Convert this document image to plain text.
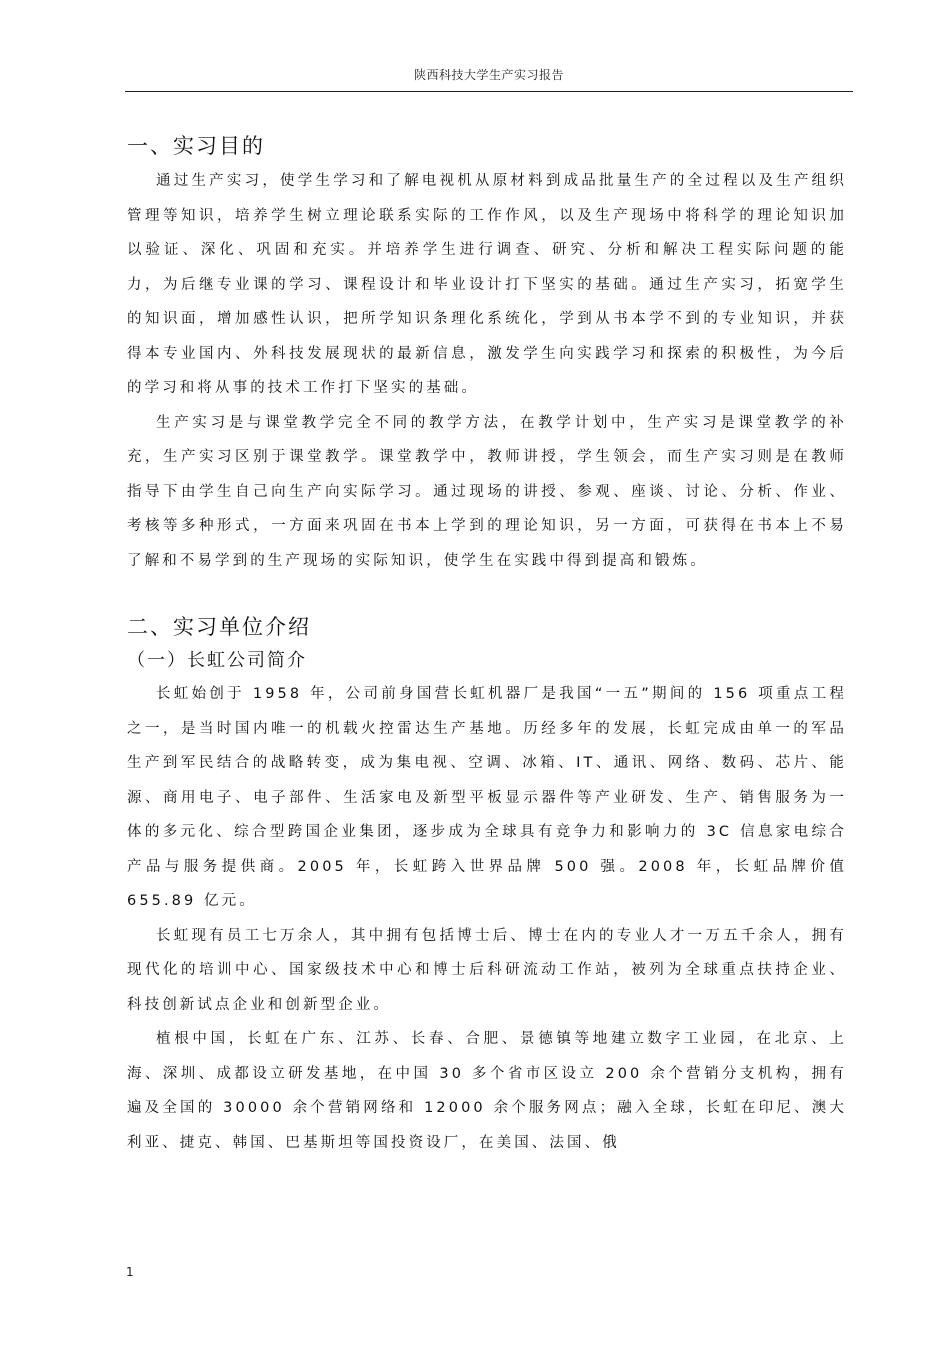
陕西科技大学生产实习报告
一、实习目的

通过生产实习，使学生学习和了解电视机从原材料到成品批量生产的全过程以及生产组织管理等知识，培养学生树立理论联系实际的工作作风，以及生产现场中将科学的理论知识加以验证、深化、巩固和充实。并培养学生进行调查、研究、分析和解决工程实际问题的能力，为后继专业课的学习、课程设计和毕业设计打下坚实的基础。通过生产实习，拓宽学生的知识面，增加感性认识，把所学知识条理化系统化，学到从书本学不到的专业知识，并获得本专业国内、外科技发展现状的最新信息，激发学生向实践学习和探索的积极性，为今后的学习和将从事的技术工作打下坚实的基础。

生产实习是与课堂教学完全不同的教学方法，在教学计划中，生产实习是课堂教学的补充，生产实习区别于课堂教学。课堂教学中，教师讲授，学生领会，而生产实习则是在教师指导下由学生自己向生产向实际学习。通过现场的讲授、参观、座谈、讨论、分析、作业、考核等多种形式，一方面来巩固在书本上学到的理论知识，另一方面，可获得在书本上不易了解和不易学到的生产现场的实际知识，使学生在实践中得到提高和锻炼。

二、实习单位介绍
（一）长虹公司简介

长虹始创于 1958 年，公司前身国营长虹机器厂是我国“一五”期间的 156 项重点工程之一，是当时国内唯一的机载火控雷达生产基地。历经多年的发展，长虹完成由单一的军品生产到军民结合的战略转变，成为集电视、空调、冰箱、IT、通讯、网络、数码、芯片、能源、商用电子、电子部件、生活家电及新型平板显示器件等产业研发、生产、销售服务为一体的多元化、综合型跨国企业集团，逐步成为全球具有竞争力和影响力的 3C 信息家电综合产品与服务提供商。2005 年，长虹跨入世界品牌 500 强。2008 年，长虹品牌价值 655.89 亿元。

长虹现有员工七万余人，其中拥有包括博士后、博士在内的专业人才一万五千余人，拥有现代化的培训中心、国家级技术中心和博士后科研流动工作站，被列为全球重点扶持企业、科技创新试点企业和创新型企业。

植根中国，长虹在广东、江苏、长春、合肥、景德镇等地建立数字工业园，在北京、上海、深圳、成都设立研发基地，在中国 30 多个省市区设立 200 余个营销分支机构，拥有遍及全国的 30000 余个营销网络和 12000 余个服务网点；融入全球，长虹在印尼、澳大利亚、捷克、韩国、巴基斯坦等国投资设厂，在美国、法国、俄

1
